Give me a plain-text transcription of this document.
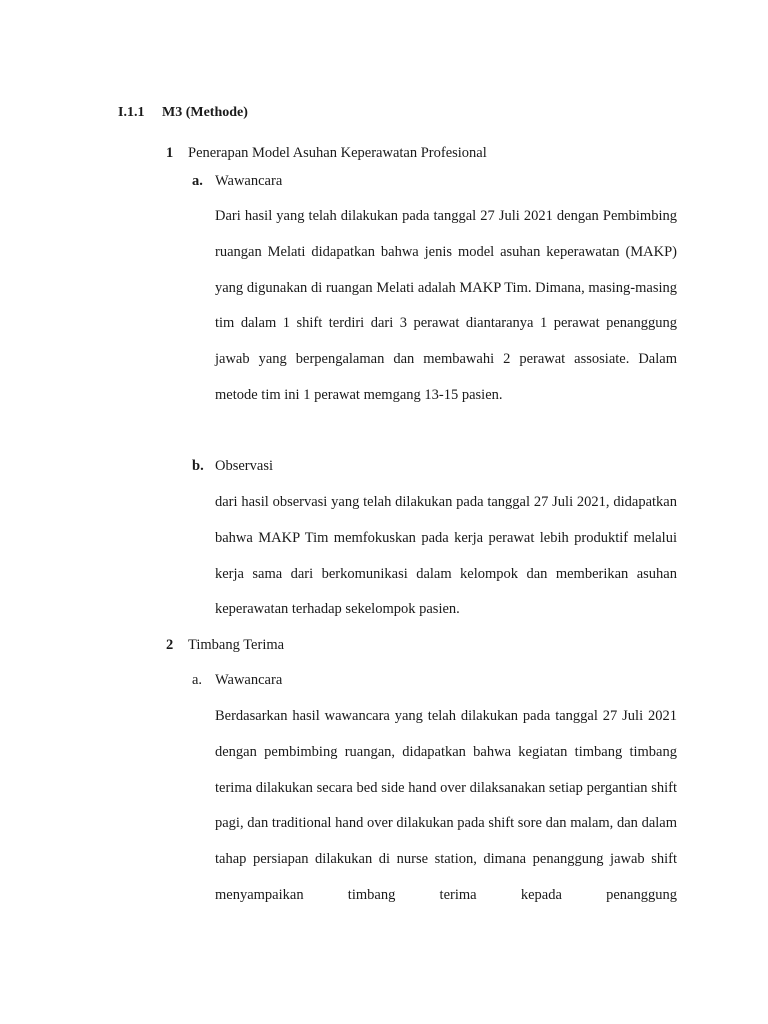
I.1.1 M3 (Methode)
1 Penerapan Model Asuhan Keperawatan Profesional
a. Wawancara
Dari hasil yang telah dilakukan pada tanggal 27 Juli 2021 dengan Pembimbing ruangan Melati didapatkan bahwa jenis model asuhan keperawatan (MAKP) yang digunakan di ruangan Melati adalah MAKP Tim. Dimana, masing-masing tim dalam 1 shift terdiri dari 3 perawat diantaranya 1 perawat penanggung jawab yang berpengalaman dan membawahi 2 perawat assosiate. Dalam metode tim ini 1 perawat memgang 13-15 pasien.
b. Observasi
dari hasil observasi yang telah dilakukan pada tanggal 27 Juli 2021, didapatkan bahwa MAKP Tim memfokuskan pada kerja perawat lebih produktif melalui kerja sama dari berkomunikasi dalam kelompok dan memberikan asuhan keperawatan terhadap sekelompok pasien.
2 Timbang Terima
a. Wawancara
Berdasarkan hasil wawancara yang telah dilakukan pada tanggal 27 Juli 2021 dengan pembimbing ruangan, didapatkan bahwa kegiatan timbang timbang terima dilakukan secara bed side hand over dilaksanakan setiap pergantian shift pagi, dan traditional hand over dilakukan pada shift sore dan malam, dan dalam tahap persiapan dilakukan di nurse station, dimana penanggung jawab shift menyampaikan timbang terima kepada penanggung
